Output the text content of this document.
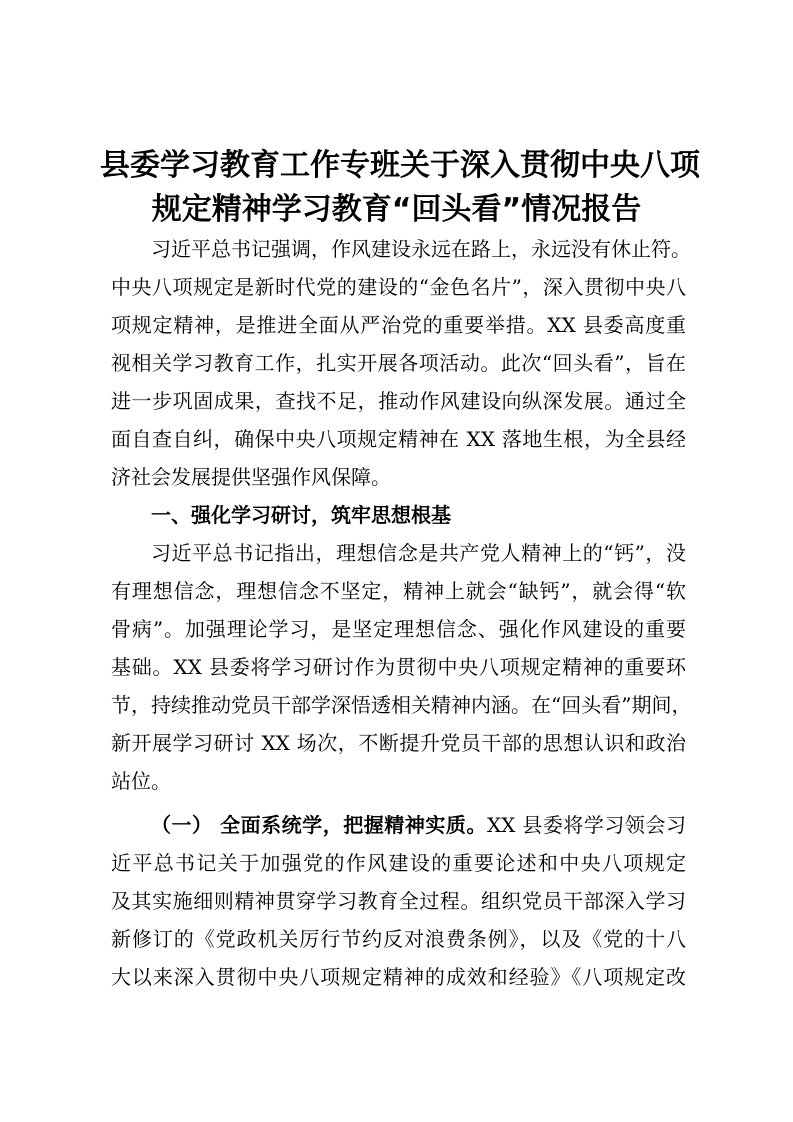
县委学习教育工作专班关于深入贯彻中央八项
规定精神学习教育“回头看”情况报告
习近平总书记强调，作风建设永远在路上，永远没有休止符。
中央八项规定是新时代党的建设的“金色名片”，深入贯彻中央八
项规定精神，是推进全面从严治党的重要举措。XX 县委高度重
视相关学习教育工作，扎实开展各项活动。此次“回头看”，旨在
进一步巩固成果，查找不足，推动作风建设向纵深发展。通过全
面自查自纠，确保中央八项规定精神在 XX 落地生根，为全县经
济社会发展提供坚强作风保障。
一、强化学习研讨，筑牢思想根基
习近平总书记指出，理想信念是共产党人精神上的“钙”，没
有理想信念，理想信念不坚定，精神上就会“缺钙”，就会得“软
骨病”。加强理论学习，是坚定理想信念、强化作风建设的重要
基础。XX 县委将学习研讨作为贯彻中央八项规定精神的重要环
节，持续推动党员干部学深悟透相关精神内涵。在“回头看”期间，
新开展学习研讨 XX 场次，不断提升党员干部的思想认识和政治
站位。
（一） 全面系统学，把握精神实质。XX 县委将学习领会习
近平总书记关于加强党的作风建设的重要论述和中央八项规定
及其实施细则精神贯穿学习教育全过程。组织党员干部深入学习
新修订的《党政机关厉行节约反对浪费条例》，以及《党的十八
大以来深入贯彻中央八项规定精神的成效和经验》《八项规定改
